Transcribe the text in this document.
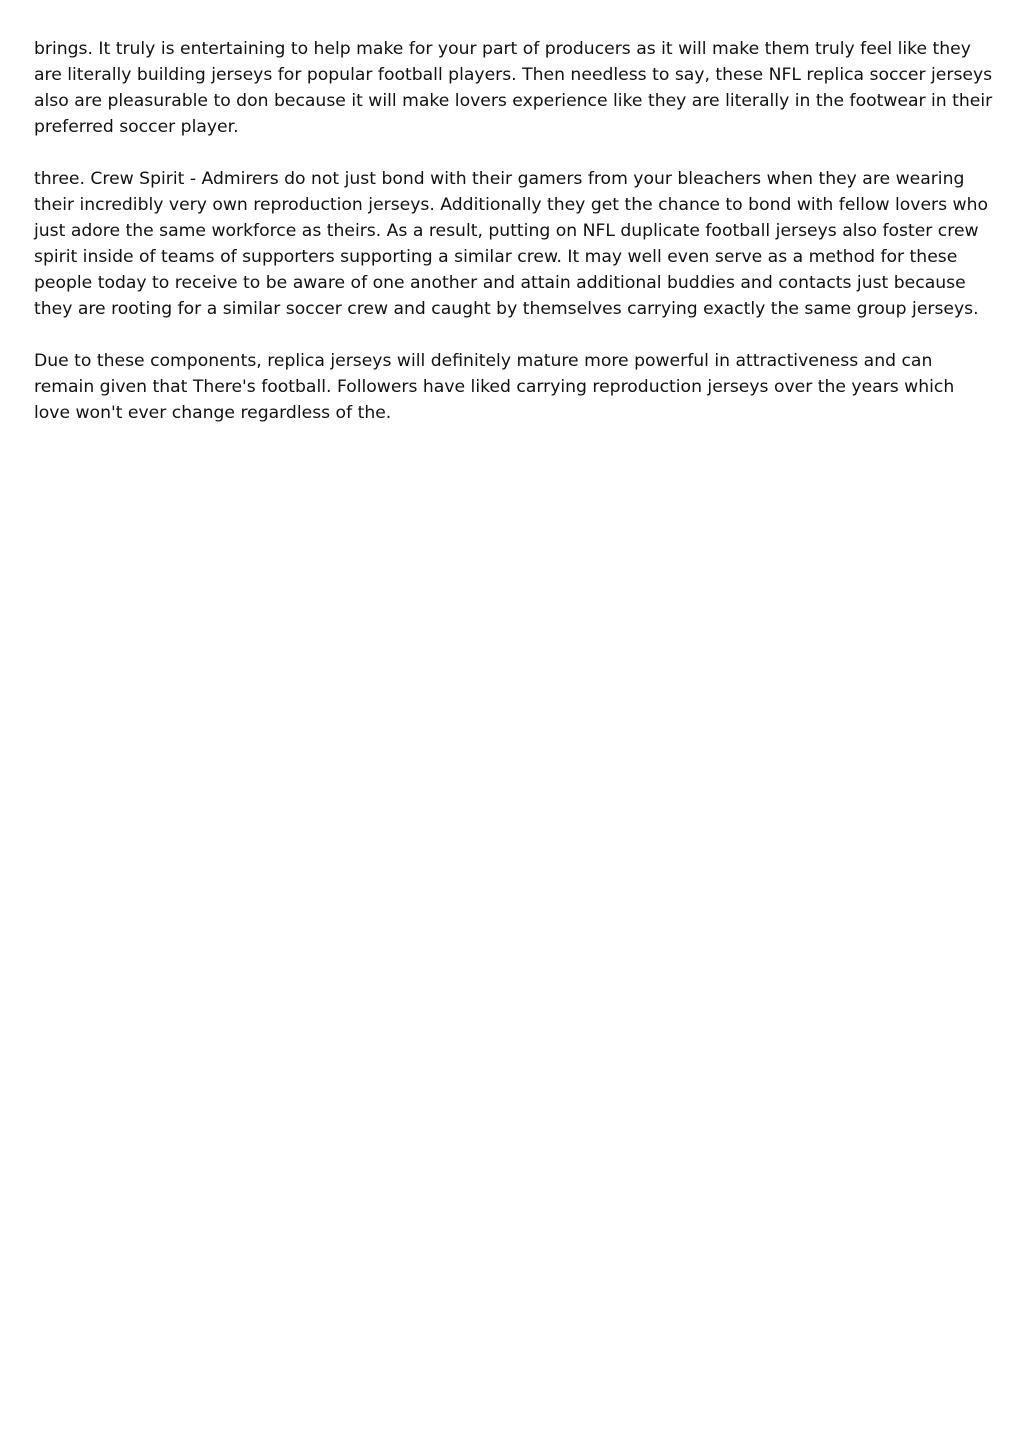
brings. It truly is entertaining to help make for your part of producers as it will make them truly feel like they are literally building jerseys for popular football players. Then needless to say, these NFL replica soccer jerseys also are pleasurable to don because it will make lovers experience like they are literally in the footwear in their preferred soccer player.

three. Crew Spirit - Admirers do not just bond with their gamers from your bleachers when they are wearing their incredibly very own reproduction jerseys. Additionally they get the chance to bond with fellow lovers who just adore the same workforce as theirs. As a result, putting on NFL duplicate football jerseys also foster crew spirit inside of teams of supporters supporting a similar crew. It may well even serve as a method for these people today to receive to be aware of one another and attain additional buddies and contacts just because they are rooting for a similar soccer crew and caught by themselves carrying exactly the same group jerseys.

Due to these components, replica jerseys will definitely mature more powerful in attractiveness and can remain given that There's football. Followers have liked carrying reproduction jerseys over the years which love won't ever change regardless of the.
